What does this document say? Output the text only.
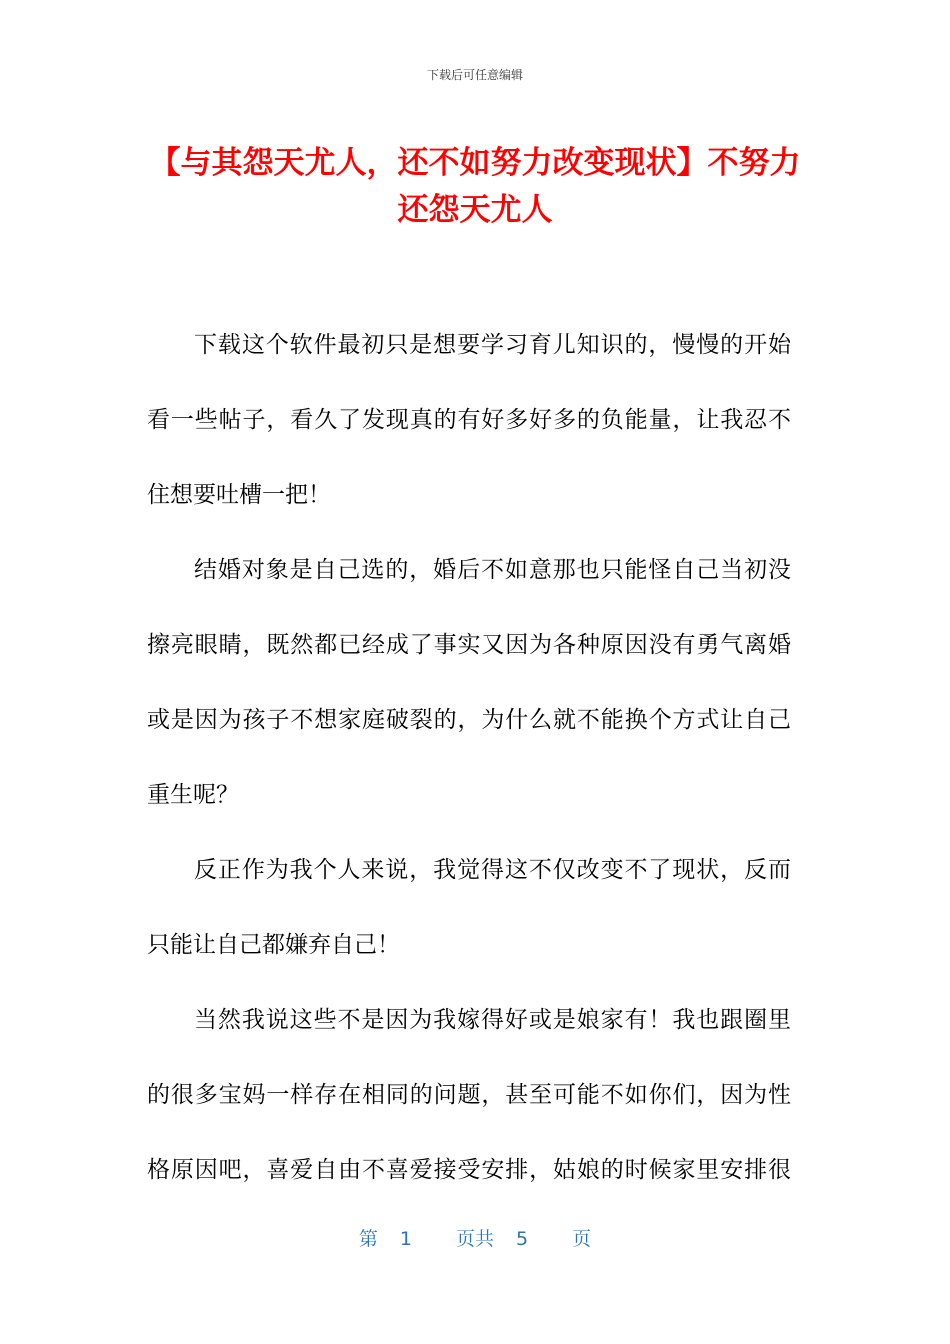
下载后可任意编辑
【与其怨天尤人，还不如努力改变现状】不努力还怨天尤人
下载这个软件最初只是想要学习育儿知识的，慢慢的开始
看一些帖子，看久了发现真的有好多好多的负能量，让我忍不
住想要吐槽一把！
结婚对象是自己选的，婚后不如意那也只能怪自己当初没
擦亮眼睛，既然都已经成了事实又因为各种原因没有勇气离婚
或是因为孩子不想家庭破裂的，为什么就不能换个方式让自己
重生呢？
反正作为我个人来说，我觉得这不仅改变不了现状，反而
只能让自己都嫌弃自己！
当然我说这些不是因为我嫁得好或是娘家有！我也跟圈里
的很多宝妈一样存在相同的问题，甚至可能不如你们，因为性
格原因吧，喜爱自由不喜爱接受安排，姑娘的时候家里安排很
第 1 页共 5 页
